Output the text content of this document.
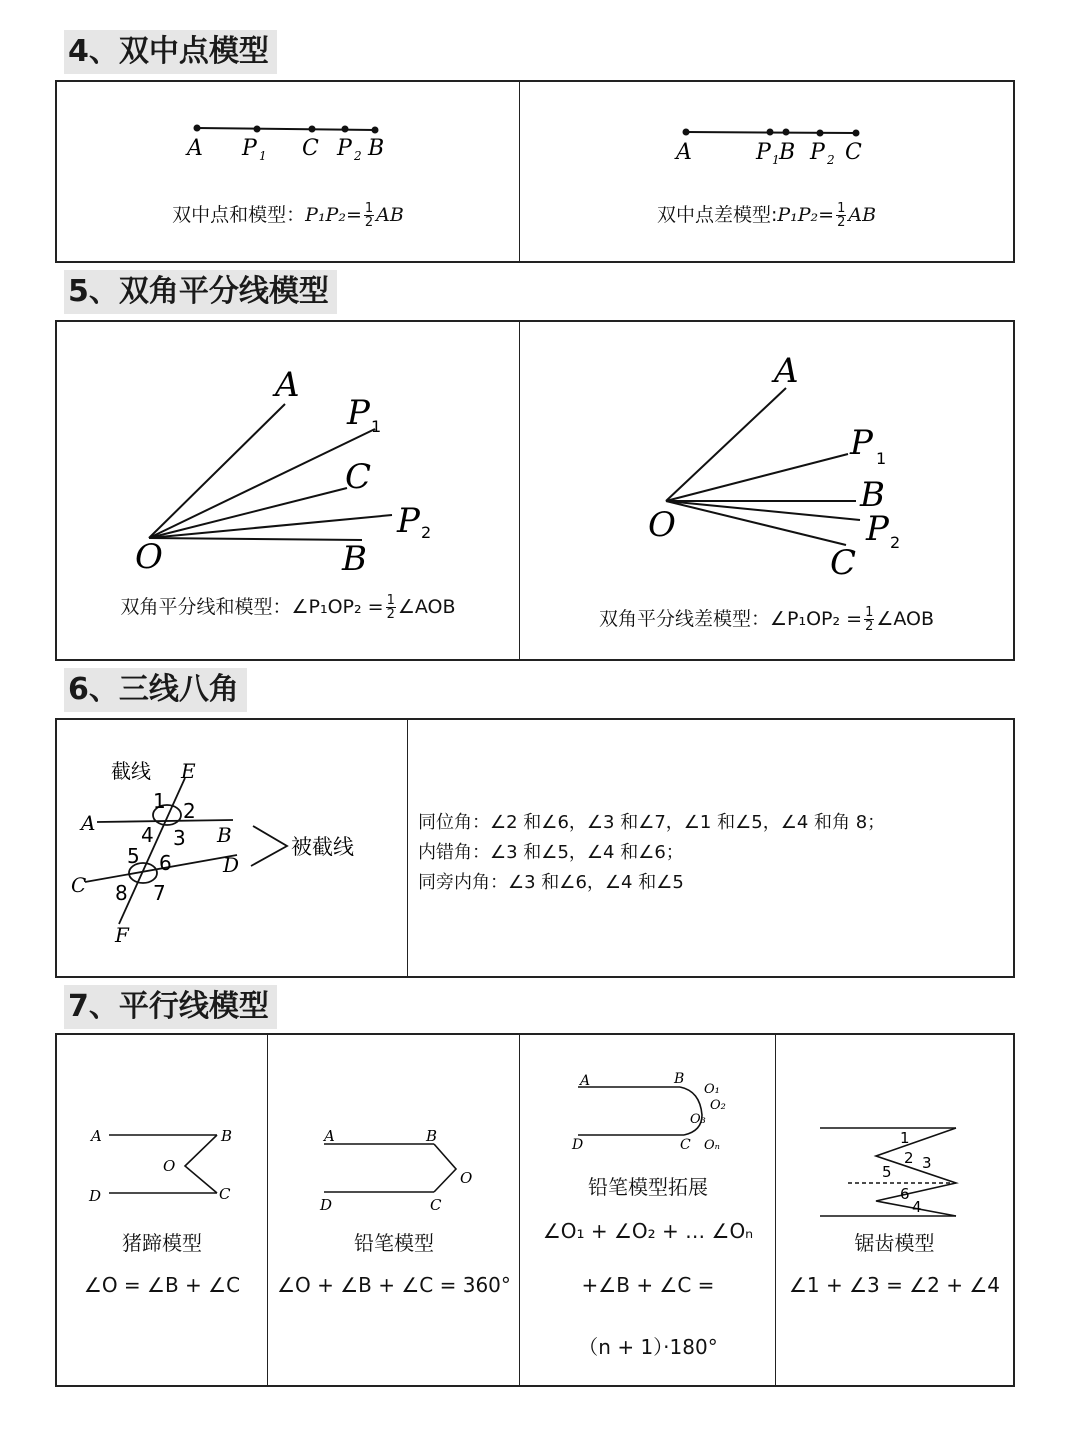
4、双中点模型
A P 1 C P 2 B
双中点和模型：$P_1P_2= \frac{1}{2}$ AB
A	P 1 B P 2 C
双中点差模型:P₁P₂= $\frac{1}{2}$ AB
5、双角平分线模型
A
P 1
C
P 2
O	B
双角平分线和模型：∠P₁OP₂ = $\frac{1}{2}$ ∠AOB
A
P 1
B
O	P 2
C
双角平分线差模型：∠P₁OP₂ = $\frac{1}{2}$ ∠AOB
6、三线八角
截线 E
1 2
A 4 3 B	被截线
5 6	D
C 8 7
F
同位角：∠2 和∠6，∠3 和∠7，∠1 和∠5，∠4 和角 8；
内错角：∠3 和∠5，∠4 和∠6；
同旁内角：∠3 和∠6，∠4 和∠5
7、平行线模型
A	B
O
D	C
猪蹄模型
∠O = ∠B + ∠C
A	B
O
D	C
铅笔模型
∠O + ∠B + ∠C = 360°
A	B
O₁
O₂
O₃
D	C Oₙ
铅笔模型拓展
∠O₁ + ∠O₂ + … ∠Oₙ
+∠B + ∠C =
（n + 1）·180°
1
2 3
5
6
4
锯齿模型
∠1 + ∠3 = ∠2 + ∠4
